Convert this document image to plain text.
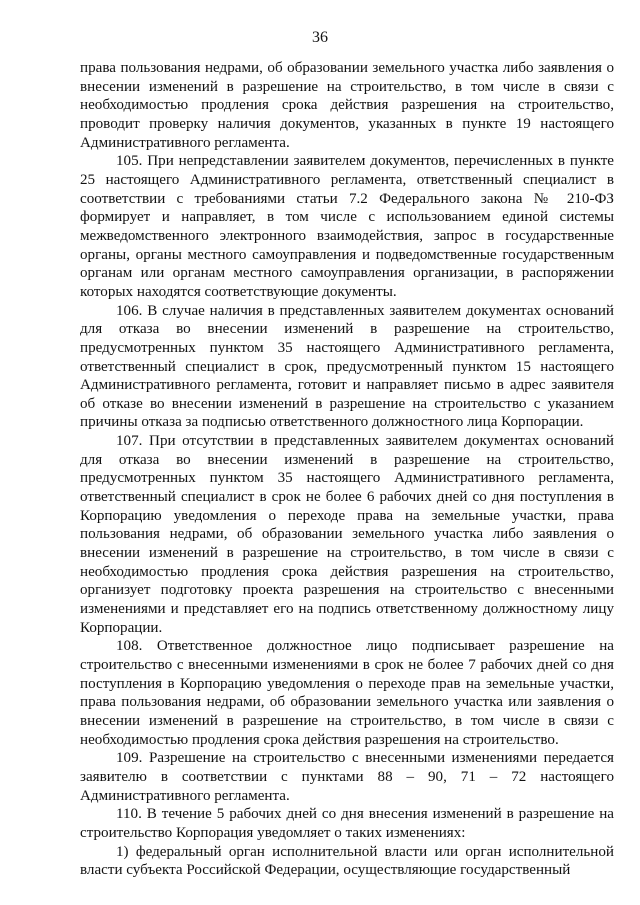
36

права пользования недрами, об образовании земельного участка либо заявления о внесении изменений в разрешение на строительство, в том числе в связи с необходимостью продления срока действия разрешения на строительство, проводит проверку наличия документов, указанных в пункте 19 настоящего Административного регламента.

105. При непредставлении заявителем документов, перечисленных в пункте 25 настоящего Административного регламента, ответственный специалист в соответствии с требованиями статьи 7.2 Федерального закона № 210-ФЗ формирует и направляет, в том числе с использованием единой системы межведомственного электронного взаимодействия, запрос в государственные органы, органы местного самоуправления и подведомственные государственным органам или органам местного самоуправления организации, в распоряжении которых находятся соответствующие документы.

106. В случае наличия в представленных заявителем документах оснований для отказа во внесении изменений в разрешение на строительство, предусмотренных пунктом 35 настоящего Административного регламента, ответственный специалист в срок, предусмотренный пунктом 15 настоящего Административного регламента, готовит и направляет письмо в адрес заявителя об отказе во внесении изменений в разрешение на строительство с указанием причины отказа за подписью ответственного должностного лица Корпорации.

107. При отсутствии в представленных заявителем документах оснований для отказа во внесении изменений в разрешение на строительство, предусмотренных пунктом 35 настоящего Административного регламента, ответственный специалист в срок не более 6 рабочих дней со дня поступления в Корпорацию уведомления о переходе права на земельные участки, права пользования недрами, об образовании земельного участка либо заявления о внесении изменений в разрешение на строительство, в том числе в связи с необходимостью продления срока действия разрешения на строительство, организует подготовку проекта разрешения на строительство с внесенными изменениями и представляет его на подпись ответственному должностному лицу Корпорации.

108. Ответственное должностное лицо подписывает разрешение на строительство с внесенными изменениями в срок не более 7 рабочих дней со дня поступления в Корпорацию уведомления о переходе прав на земельные участки, права пользования недрами, об образовании земельного участка или заявления о внесении изменений в разрешение на строительство, в том числе в связи с необходимостью продления срока действия разрешения на строительство.

109. Разрешение на строительство с внесенными изменениями передается заявителю в соответствии с пунктами 88 – 90, 71 – 72 настоящего Административного регламента.

110. В течение 5 рабочих дней со дня внесения изменений в разрешение на строительство Корпорация уведомляет о таких изменениях:

1) федеральный орган исполнительной власти или орган исполнительной власти субъекта Российской Федерации, осуществляющие государственный
